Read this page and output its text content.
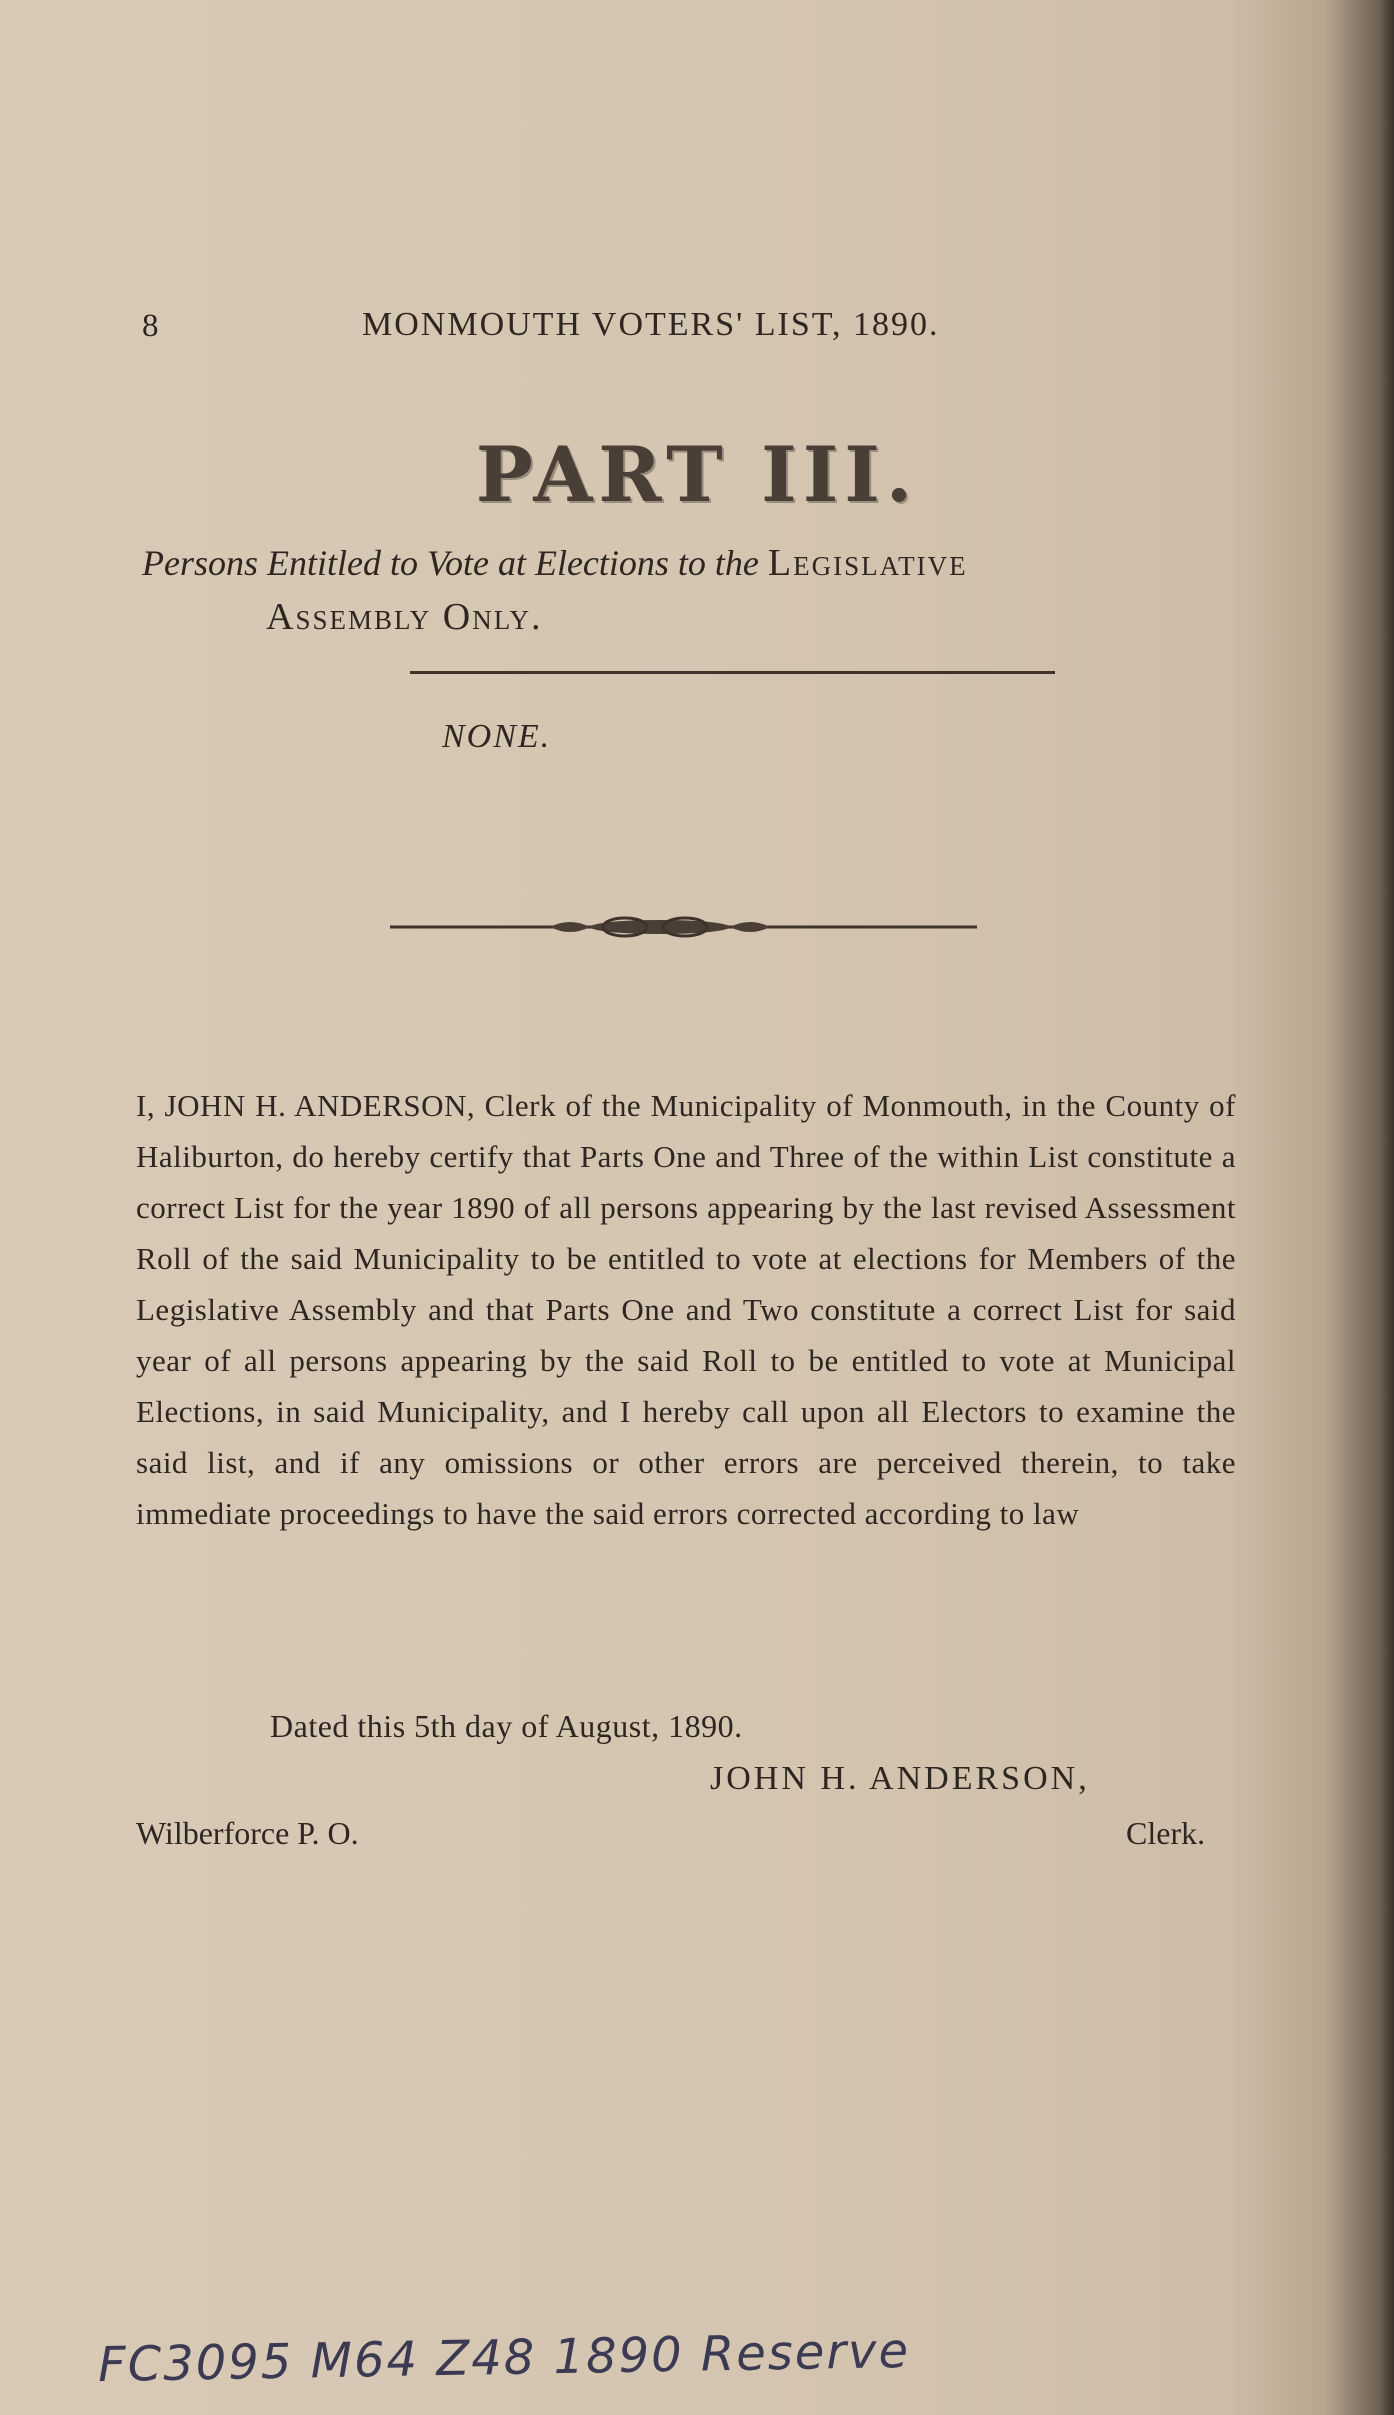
8	MONMOUTH VOTERS' LIST, 1890.
PART III.
Persons Entitled to Vote at Elections to the Legislative
Assembly Only.
NONE.
I, JOHN H. ANDERSON, Clerk of the Municipality of Monmouth, in the County of Haliburton, do hereby certify that Parts One and Three of the within List constitute a correct List for the year 1890 of all persons appearing by the last revised Assessment Roll of the said Municipality to be entitled to vote at elections for Members of the Legislative Assembly and that Parts One and Two constitute a correct List for said year of all persons appearing by the said Roll to be entitled to vote at Municipal Elections, in said Municipality, and I hereby call upon all Electors to examine the said list, and if any omissions or other errors are perceived therein, to take immediate proceedings to have the said errors corrected according to law
Dated this 5th day of August, 1890.
JOHN H. ANDERSON,
Wilberforce P. O.	Clerk.
FC3095 M64 Z48 1890 Reserve
